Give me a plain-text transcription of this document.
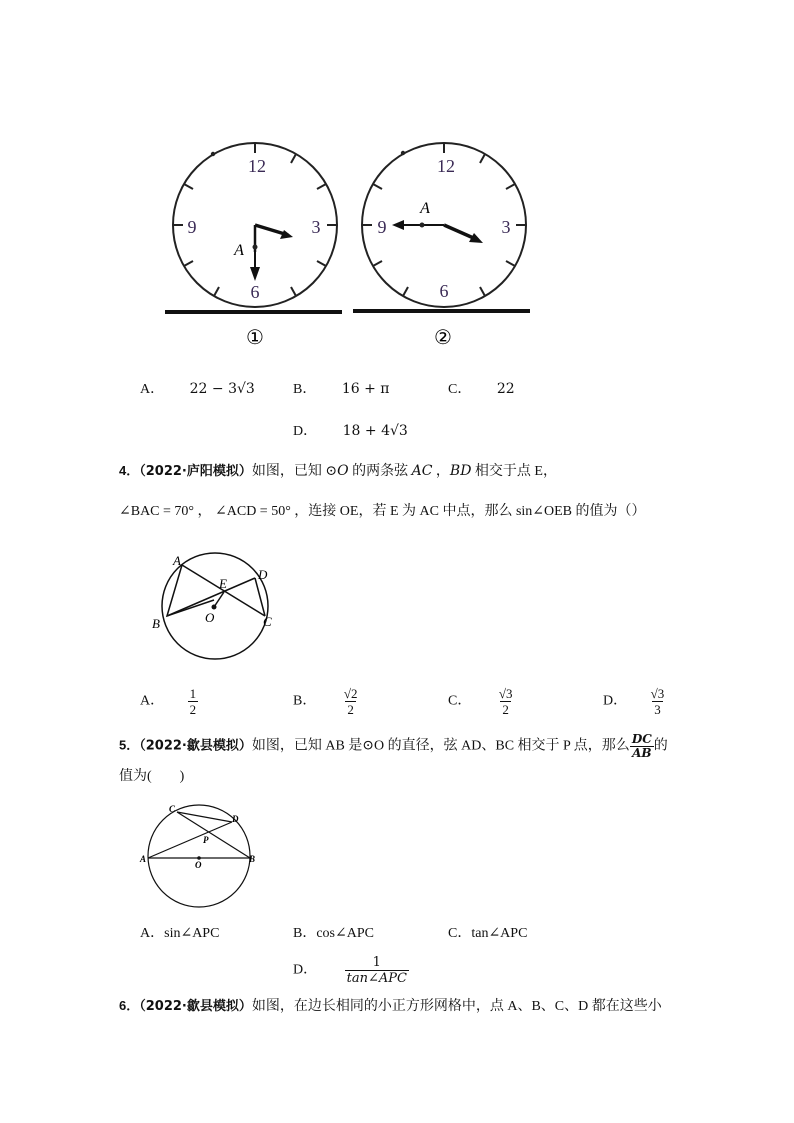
12
3
6
9
A
12
3
6
9
A
①	②
A． 22 − 3√3	B． 16 + π	C． 22
D． 18 + 4√3
4．（2022·庐阳模拟）如图，已知 ⊙O 的两条弦 AC ，BD 相交于点 E，
∠BAC = 70° ， ∠ACD = 50° ，连接 OE，若 E 为 AC 中点，那么 sin∠OEB 的值为（）
A
B	C
D
E
O
A． $\frac{1}{2}$	B． $\frac{√2}{2}$	C． $\frac{√3}{2}$	D． $\frac{√3}{3}$
5．（2022·歙县模拟）如图，已知 AB 是⊙O 的直径，弦 AD、BC 相交于 P 点，那么 $\frac{DC}{AB}$ 的
值为(　　)
C
D
P
A	B
O
A．sin∠APC	B．cos∠APC	C．tan∠APC
D． $\frac{1}{\text{tan∠APC}}$
6．（2022·歙县模拟）如图，在边长相同的小正方形网格中，点 A、B、C、D 都在这些小
